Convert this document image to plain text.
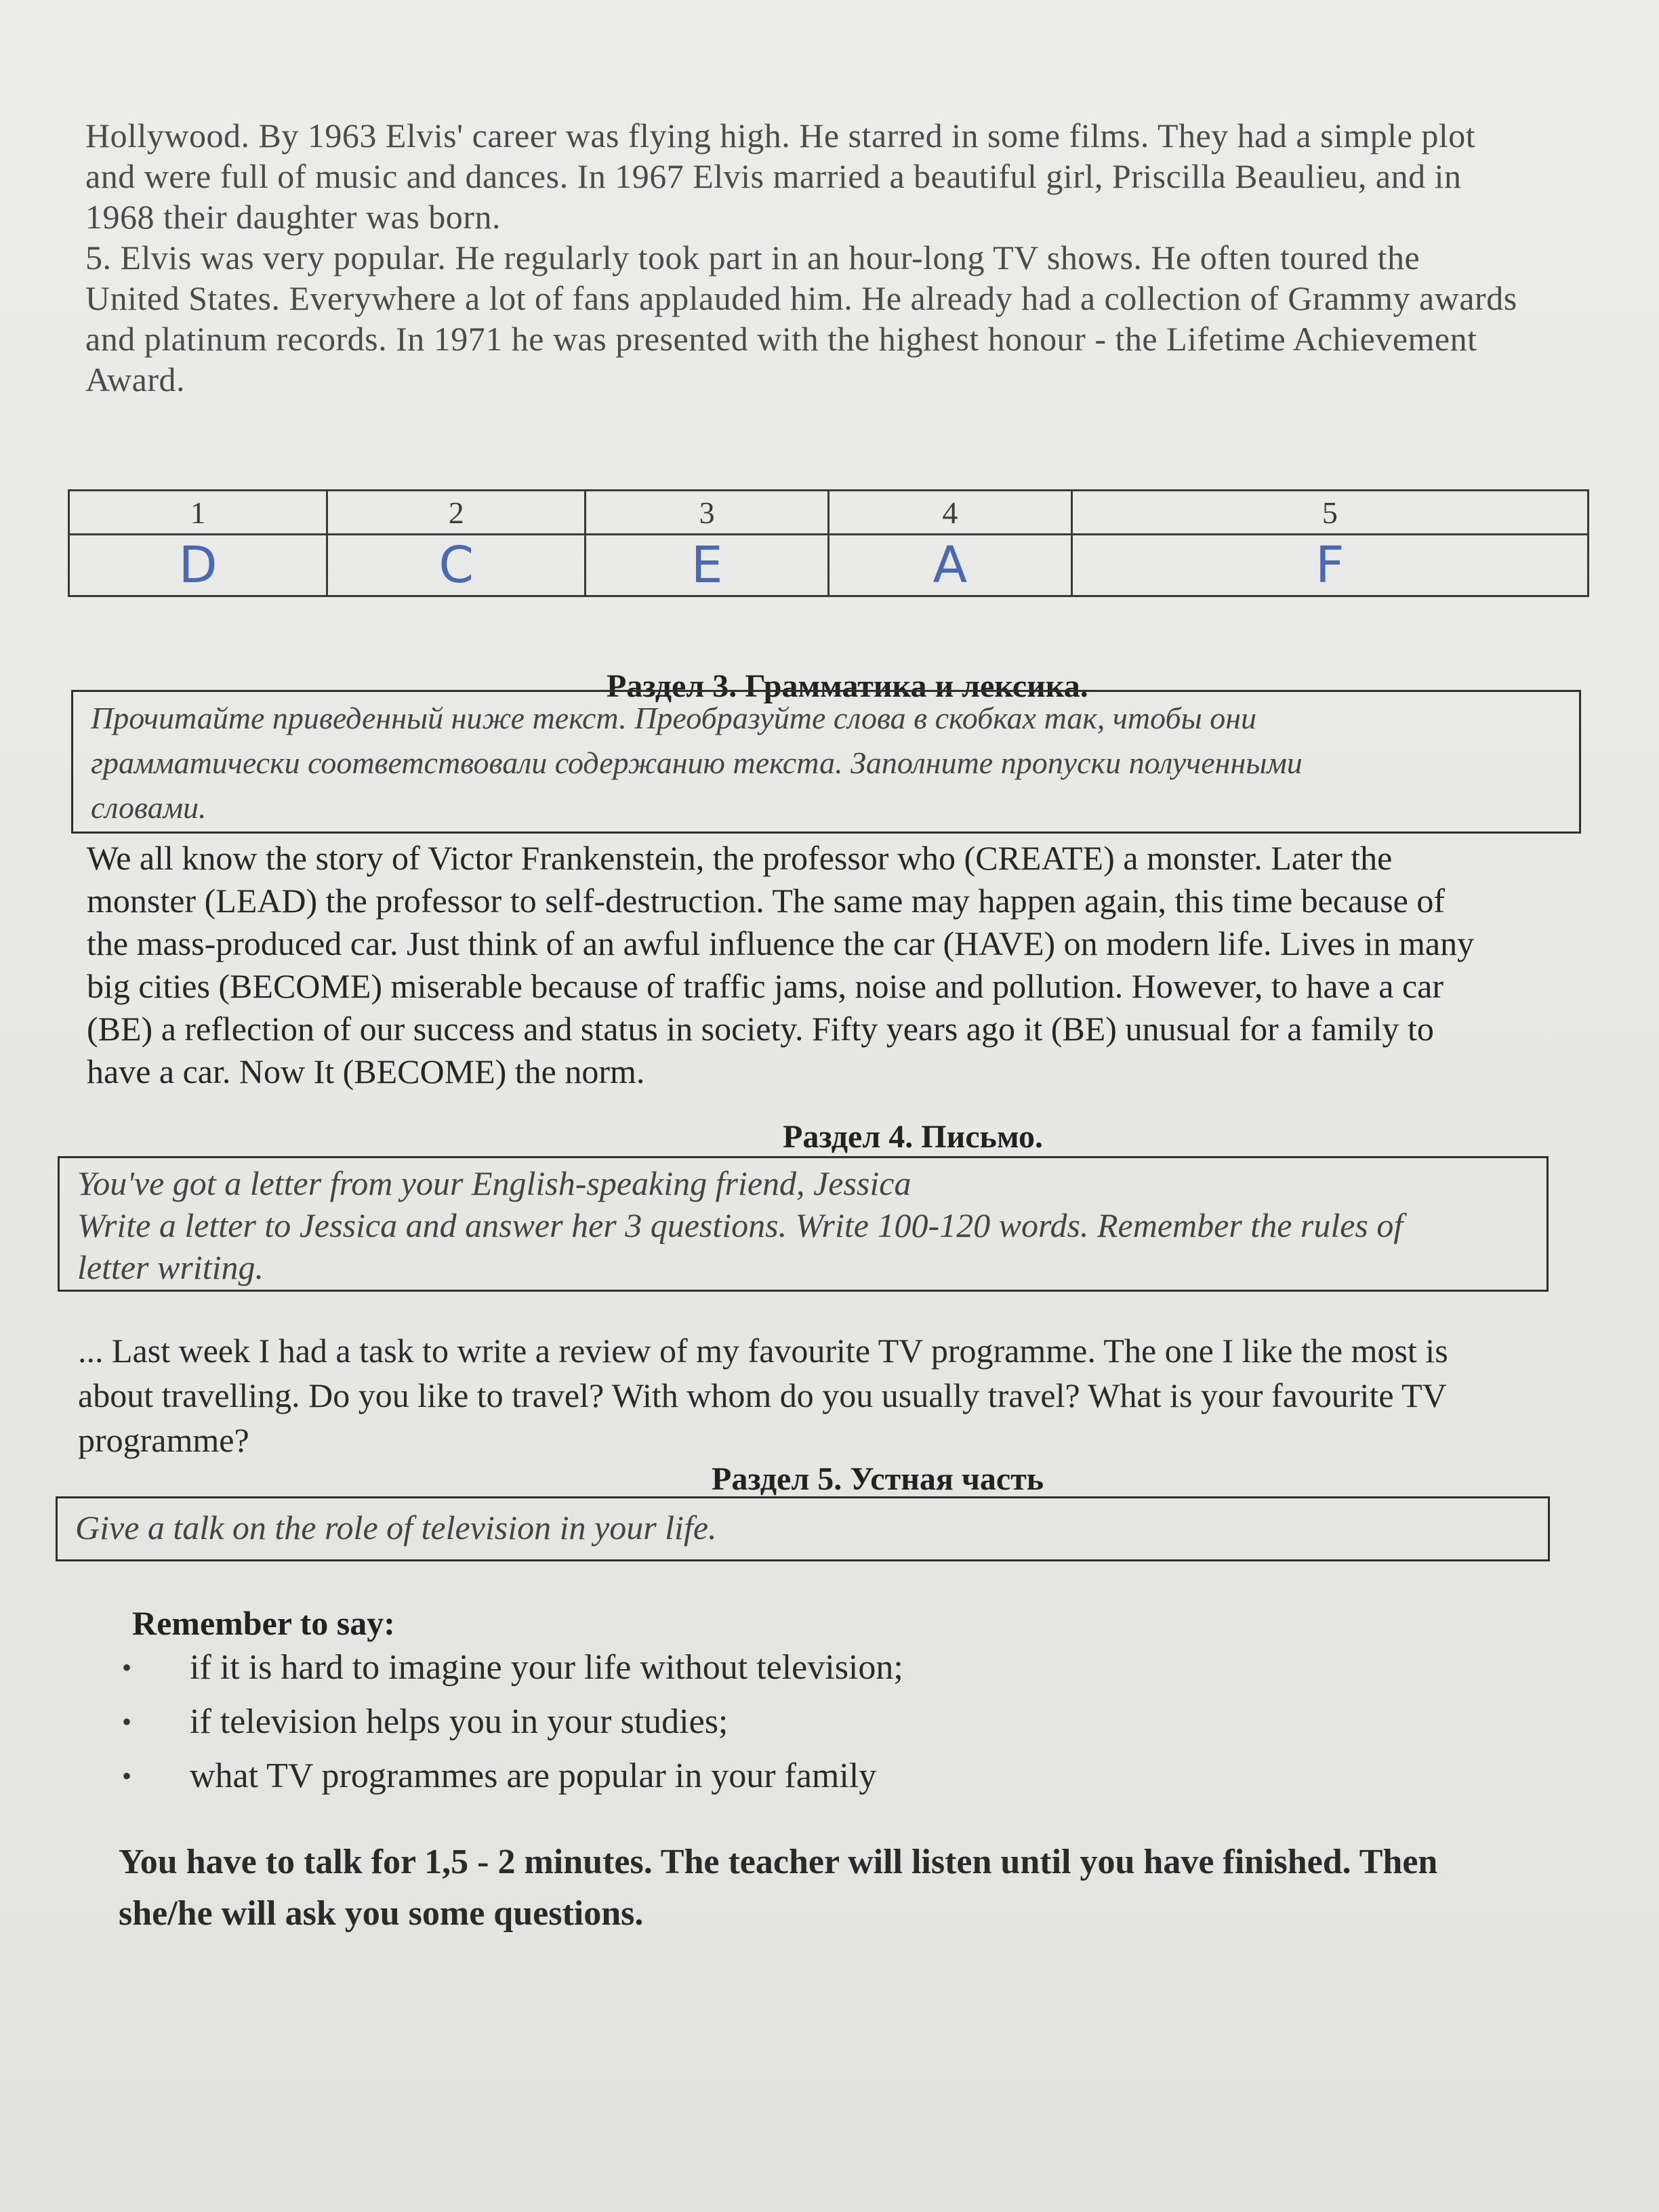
Hollywood. By 1963 Elvis' career was flying high. He starred in some films. They had a simple plot

and were full of music and dances. In 1967 Elvis married a beautiful girl, Priscilla Beaulieu, and in

1968 their daughter was born.

5. Elvis was very popular. He regularly took part in an hour-long TV shows. He often toured the

United States. Everywhere a lot of fans applauded him. He already had a collection of Grammy awards

and platinum records. In 1971 he was presented with the highest honour - the Lifetime Achievement

Award.

1	2	3	4	5
D	C	E	A	F
Раздел 3. Грамматика и лексика.

Прочитайте приведенный ниже текст. Преобразуйте слова в скобках так, чтобы они

грамматически соответствовали содержанию текста. Заполните пропуски полученными

словами.

We all know the story of Victor Frankenstein, the professor who (CREATE) a monster. Later the

monster (LEAD) the professor to self-destruction. The same may happen again, this time because of

the mass-produced car. Just think of an awful influence the car (HAVE) on modern life. Lives in many

big cities (BECOME) miserable because of traffic jams, noise and pollution. However, to have a car

(BE) a reflection of our success and status in society. Fifty years ago it (BE) unusual for a family to

have a car. Now It (BECOME) the norm.

Раздел 4. Письмо.

You've got a letter from your English-speaking friend, Jessica

Write a letter to Jessica and answer her 3 questions. Write 100-120 words. Remember the rules of

letter writing.

... Last week I had a task to write a review of my favourite TV programme. The one I like the most is

about travelling. Do you like to travel? With whom do you usually travel? What is your favourite TV

programme?

Раздел 5. Устная часть

Give a talk on the role of television in your life.

Remember to say:
•	if it is hard to imagine your life without television;
•	if television helps you in your studies;
•	what TV programmes are popular in your family

You have to talk for 1,5 - 2 minutes. The teacher will listen until you have finished. Then

she/he will ask you some questions.
